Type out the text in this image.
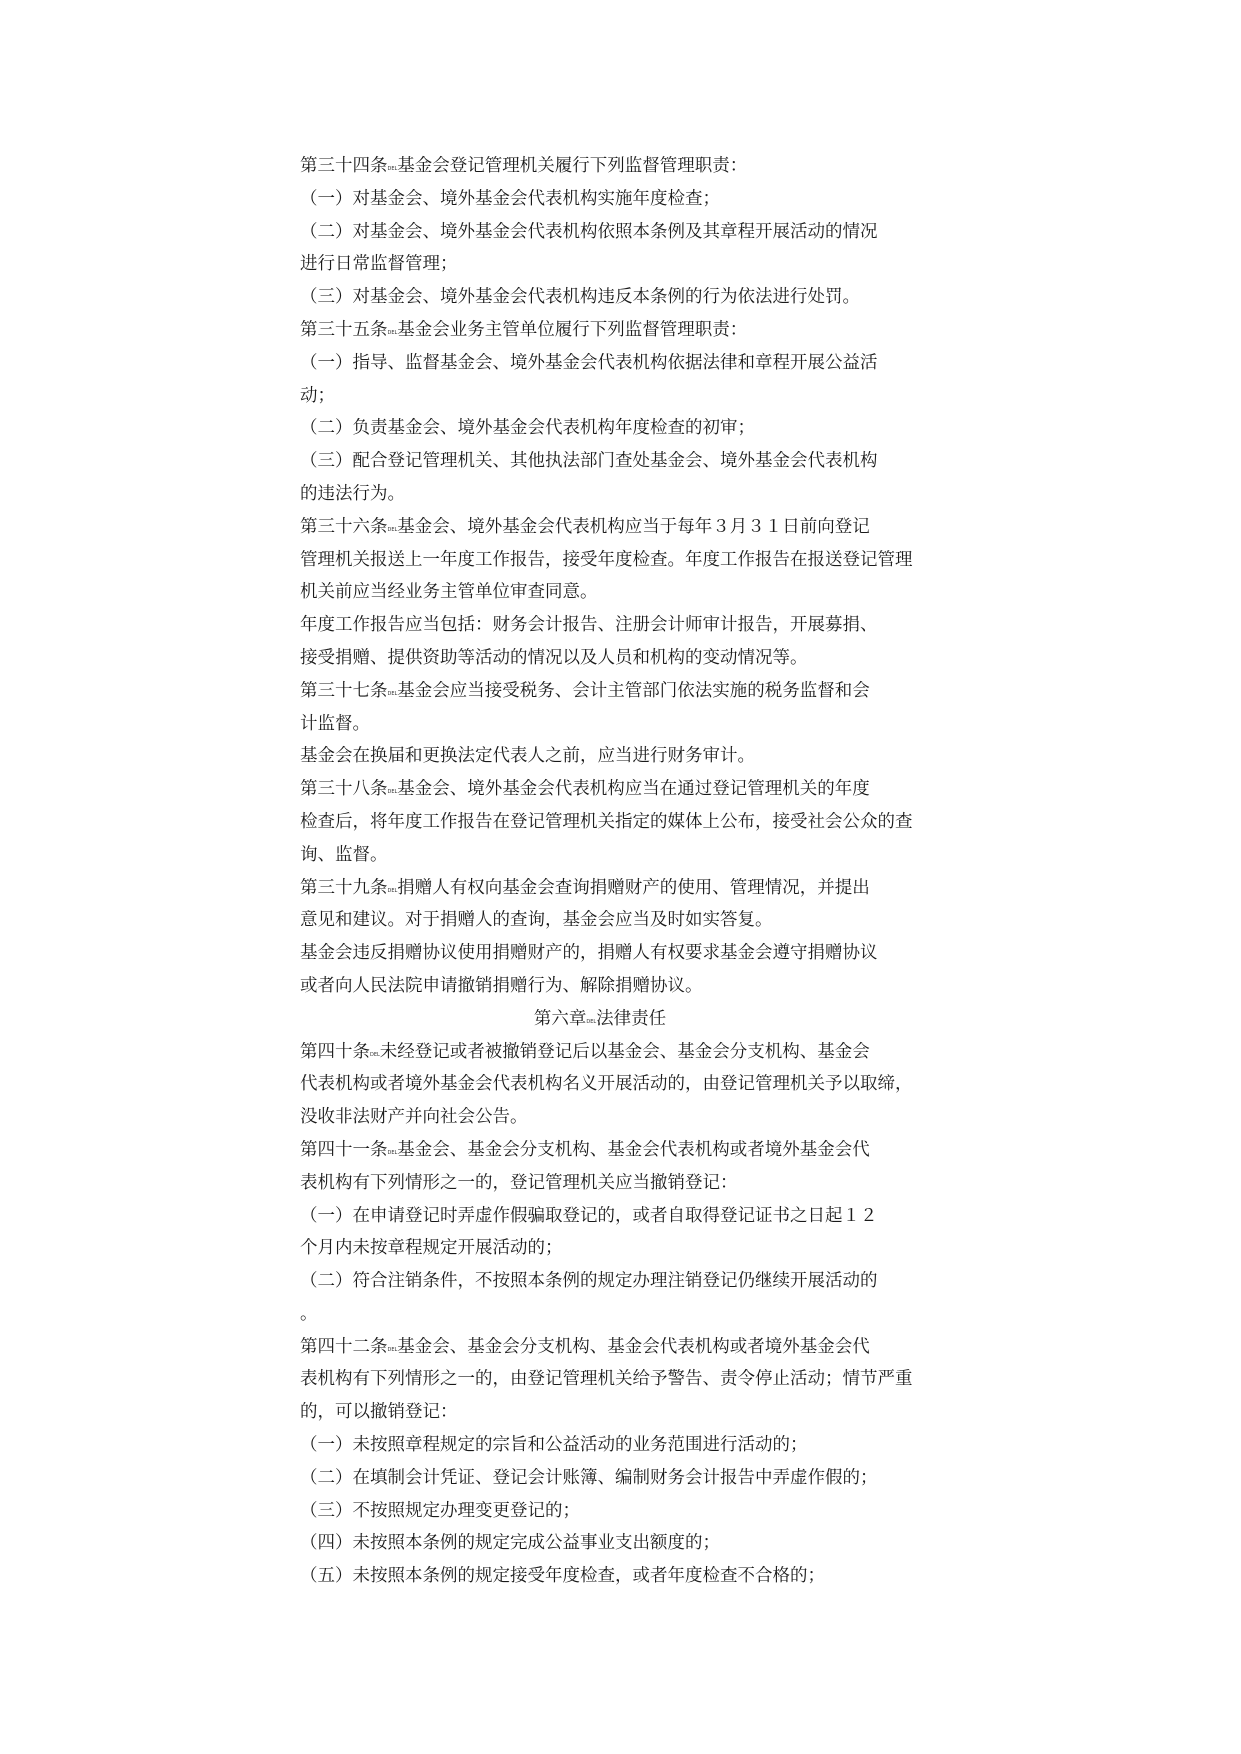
第三十四条DEL基金会登记管理机关履行下列监督管理职责：
（一）对基金会、境外基金会代表机构实施年度检查；
（二）对基金会、境外基金会代表机构依照本条例及其章程开展活动的情况
进行日常监督管理；
（三）对基金会、境外基金会代表机构违反本条例的行为依法进行处罚。
第三十五条DEL基金会业务主管单位履行下列监督管理职责：
（一）指导、监督基金会、境外基金会代表机构依据法律和章程开展公益活
动；
（二）负责基金会、境外基金会代表机构年度检查的初审；
（三）配合登记管理机关、其他执法部门查处基金会、境外基金会代表机构
的违法行为。
第三十六条DEL基金会、境外基金会代表机构应当于每年３月３１日前向登记
管理机关报送上一年度工作报告，接受年度检查。年度工作报告在报送登记管理
机关前应当经业务主管单位审查同意。
年度工作报告应当包括：财务会计报告、注册会计师审计报告，开展募捐、
接受捐赠、提供资助等活动的情况以及人员和机构的变动情况等。
第三十七条DEL基金会应当接受税务、会计主管部门依法实施的税务监督和会
计监督。
基金会在换届和更换法定代表人之前，应当进行财务审计。
第三十八条DEL基金会、境外基金会代表机构应当在通过登记管理机关的年度
检查后，将年度工作报告在登记管理机关指定的媒体上公布，接受社会公众的查
询、监督。
第三十九条DEL捐赠人有权向基金会查询捐赠财产的使用、管理情况，并提出
意见和建议。对于捐赠人的查询，基金会应当及时如实答复。
基金会违反捐赠协议使用捐赠财产的，捐赠人有权要求基金会遵守捐赠协议
或者向人民法院申请撤销捐赠行为、解除捐赠协议。
第六章DEL法律责任
第四十条DEL未经登记或者被撤销登记后以基金会、基金会分支机构、基金会
代表机构或者境外基金会代表机构名义开展活动的，由登记管理机关予以取缔，
没收非法财产并向社会公告。
第四十一条DEL基金会、基金会分支机构、基金会代表机构或者境外基金会代
表机构有下列情形之一的，登记管理机关应当撤销登记：
（一）在申请登记时弄虚作假骗取登记的，或者自取得登记证书之日起１２
个月内未按章程规定开展活动的；
（二）符合注销条件，不按照本条例的规定办理注销登记仍继续开展活动的
。
第四十二条DEL基金会、基金会分支机构、基金会代表机构或者境外基金会代
表机构有下列情形之一的，由登记管理机关给予警告、责令停止活动；情节严重
的，可以撤销登记：
（一）未按照章程规定的宗旨和公益活动的业务范围进行活动的；
（二）在填制会计凭证、登记会计账簿、编制财务会计报告中弄虚作假的；
（三）不按照规定办理变更登记的；
（四）未按照本条例的规定完成公益事业支出额度的；
（五）未按照本条例的规定接受年度检查，或者年度检查不合格的；
